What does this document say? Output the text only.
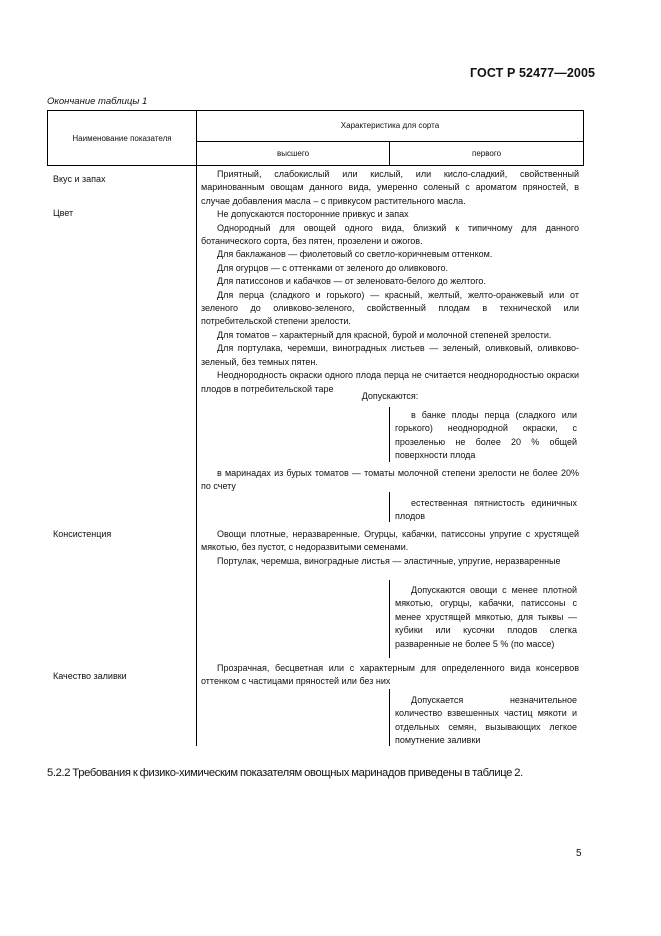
ГОСТ Р 52477—2005
Окончание таблицы 1
Наименование показателя
Характеристика для сорта
высшего	первого
Вкус и запах
Цвет
Консистенция
Качество заливки

Приятный, слабокислый или кислый, или кисло-сладкий, свойственный маринованным овощам данного вида, умеренно соленый с ароматом пряностей, в случае добавления масла – с привкусом растительного масла.

Не допускаются посторонние привкус и запах

Однородный для овощей одного вида, близкий к типичному для данного ботанического сорта, без пятен, прозелени и ожогов.

Для баклажанов — фиолетовый со светло-коричневым оттенком.

Для огурцов — с оттенками от зеленого до оливкового.

Для патиссонов и кабачков — от зеленовато-белого до желтого.

Для перца (сладкого и горького) — красный, желтый, желто-оранжевый или от зеленого до оливково-зеленого, свойственный плодам в технической или потребительской степени зрелости.

Для томатов – характерный для красной, бурой и молочной степеней зрелости.

Для портулака, черемши, виноградных листьев — зеленый, оливковый, оливково-зеленый, без темных пятен.

Неоднородность окраски одного плода перца не считается неоднородностью окраски плодов в потребительской таре

Допускаются:
в банке плоды перца (сладкого или горького) неоднородной окраски, с прозеленью не более 20 % общей поверхности плода
в маринадах из бурых томатов — томаты молочной степени зрелости не более 20% по счету
естественная пятнистость единичных плодов

Овощи плотные, неразваренные. Огурцы, кабачки, патиссоны упругие с хрустящей мякотью, без пустот, с недоразвитыми семенами.

Портулак, черемша, виноградные листья — эластичные, упругие, неразваренные

Допускаются овощи с менее плотной мякотью, огурцы, кабачки, патиссоны с менее хрустящей мякотью, для тыквы — кубики или кусочки плодов слегка разваренные не более 5 % (по массе)
Прозрачная, бесцветная или с характерным для определенного вида консервов оттенком с частицами пряностей или без них
Допускается незначительное количество взвешенных частиц мякоти и отдельных семян, вызывающих легкое помутнение заливки
5.2.2 Требования к физико-химическим показателям овощных маринадов приведены в таблице 2.
5
